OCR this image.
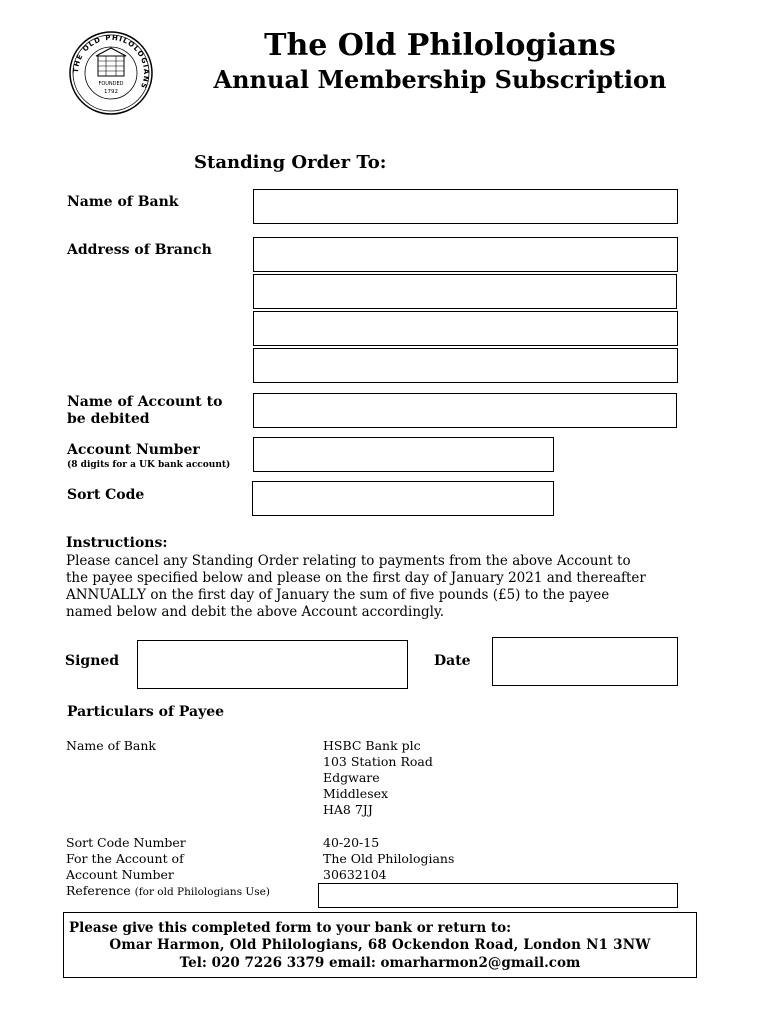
THE OLD PHILOLOGIANS
FOUNDED
1792
The Old Philologians
Annual Membership Subscription
Standing Order To:
Name of Bank
Address of Branch
Name of Account to
be debited
Account Number
(8 digits for a UK bank account)
Sort Code
Instructions:
Please cancel any Standing Order relating to payments from the above Account to
the payee specified below and please on the first day of January 2021 and thereafter
ANNUALLY on the first day of January the sum of five pounds (£5) to the payee
named below and debit the above Account accordingly.
Signed	Date
Particulars of Payee
Name of Bank	HSBC Bank plc
103 Station Road
Edgware
Middlesex
HA8 7JJ
Sort Code Number	40-20-15
For the Account of	The Old Philologians
Account Number	30632104
Reference (for old Philologians Use)
Please give this completed form to your bank or return to:
Omar Harmon, Old Philologians, 68 Ockendon Road, London N1 3NW
Tel: 020 7226 3379 email: omarharmon2@gmail.com
